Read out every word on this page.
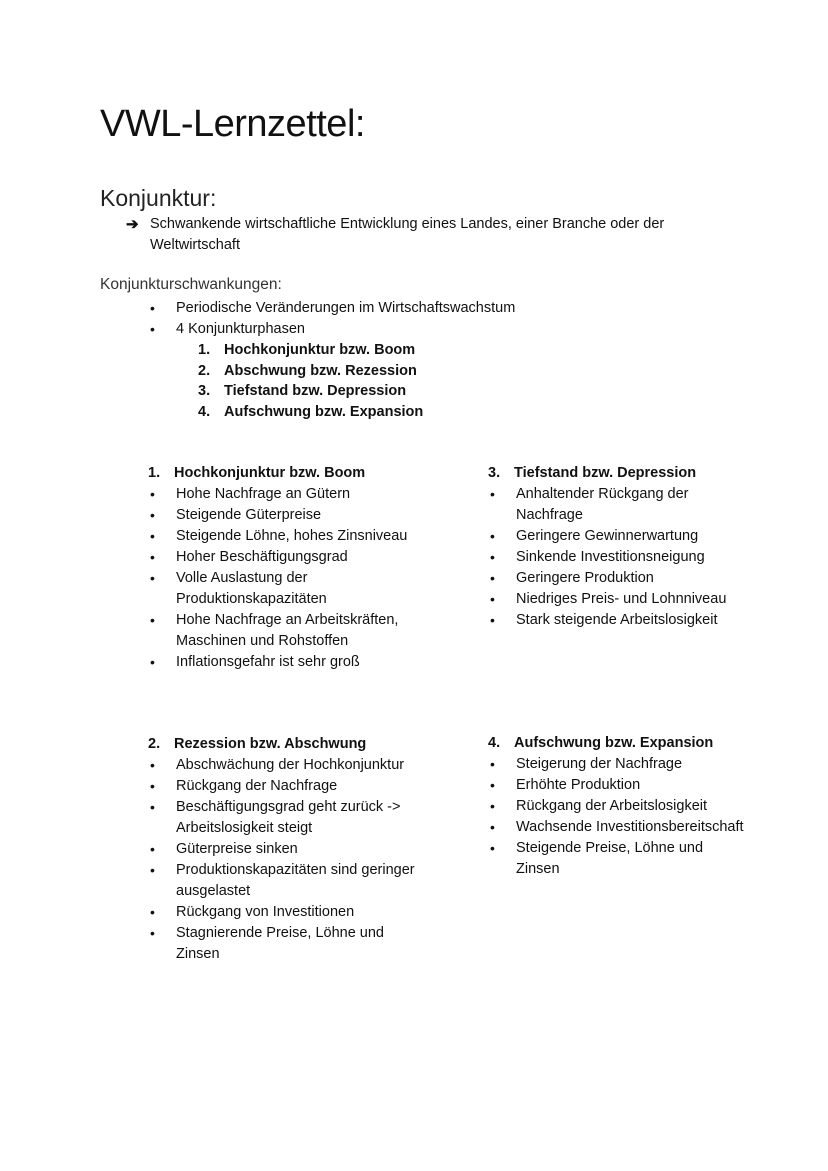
VWL-Lernzettel:
Konjunktur:
➔ Schwankende wirtschaftliche Entwicklung eines Landes, einer Branche oder der Weltwirtschaft
Konjunkturschwankungen:
•	Periodische Veränderungen im Wirtschaftswachstum
•	4 Konjunkturphasen
1. Hochkonjunktur bzw. Boom
2. Abschwung bzw. Rezession
3. Tiefstand bzw. Depression
4. Aufschwung bzw. Expansion
1. Hochkonjunktur bzw. Boom
•	Hohe Nachfrage an Gütern
•	Steigende Güterpreise
•	Steigende Löhne, hohes Zinsniveau
•	Hoher Beschäftigungsgrad
•	Volle Auslastung der Produktionskapazitäten
•	Hohe Nachfrage an Arbeitskräften, Maschinen und Rohstoffen
•	Inflationsgefahr ist sehr groß
2. Rezession bzw. Abschwung
•	Abschwächung der Hochkonjunktur
•	Rückgang der Nachfrage
•	Beschäftigungsgrad geht zurück -> Arbeitslosigkeit steigt
•	Güterpreise sinken
•	Produktionskapazitäten sind geringer ausgelastet
•	Rückgang von Investitionen
•	Stagnierende Preise, Löhne und Zinsen
3. Tiefstand bzw. Depression
•	Anhaltender Rückgang der Nachfrage
•	Geringere Gewinnerwartung
•	Sinkende Investitionsneigung
•	Geringere Produktion
•	Niedriges Preis- und Lohnniveau
•	Stark steigende Arbeitslosigkeit
4. Aufschwung bzw. Expansion
•	Steigerung der Nachfrage
•	Erhöhte Produktion
•	Rückgang der Arbeitslosigkeit
•	Wachsende Investitionsbereitschaft
•	Steigende Preise, Löhne und Zinsen
